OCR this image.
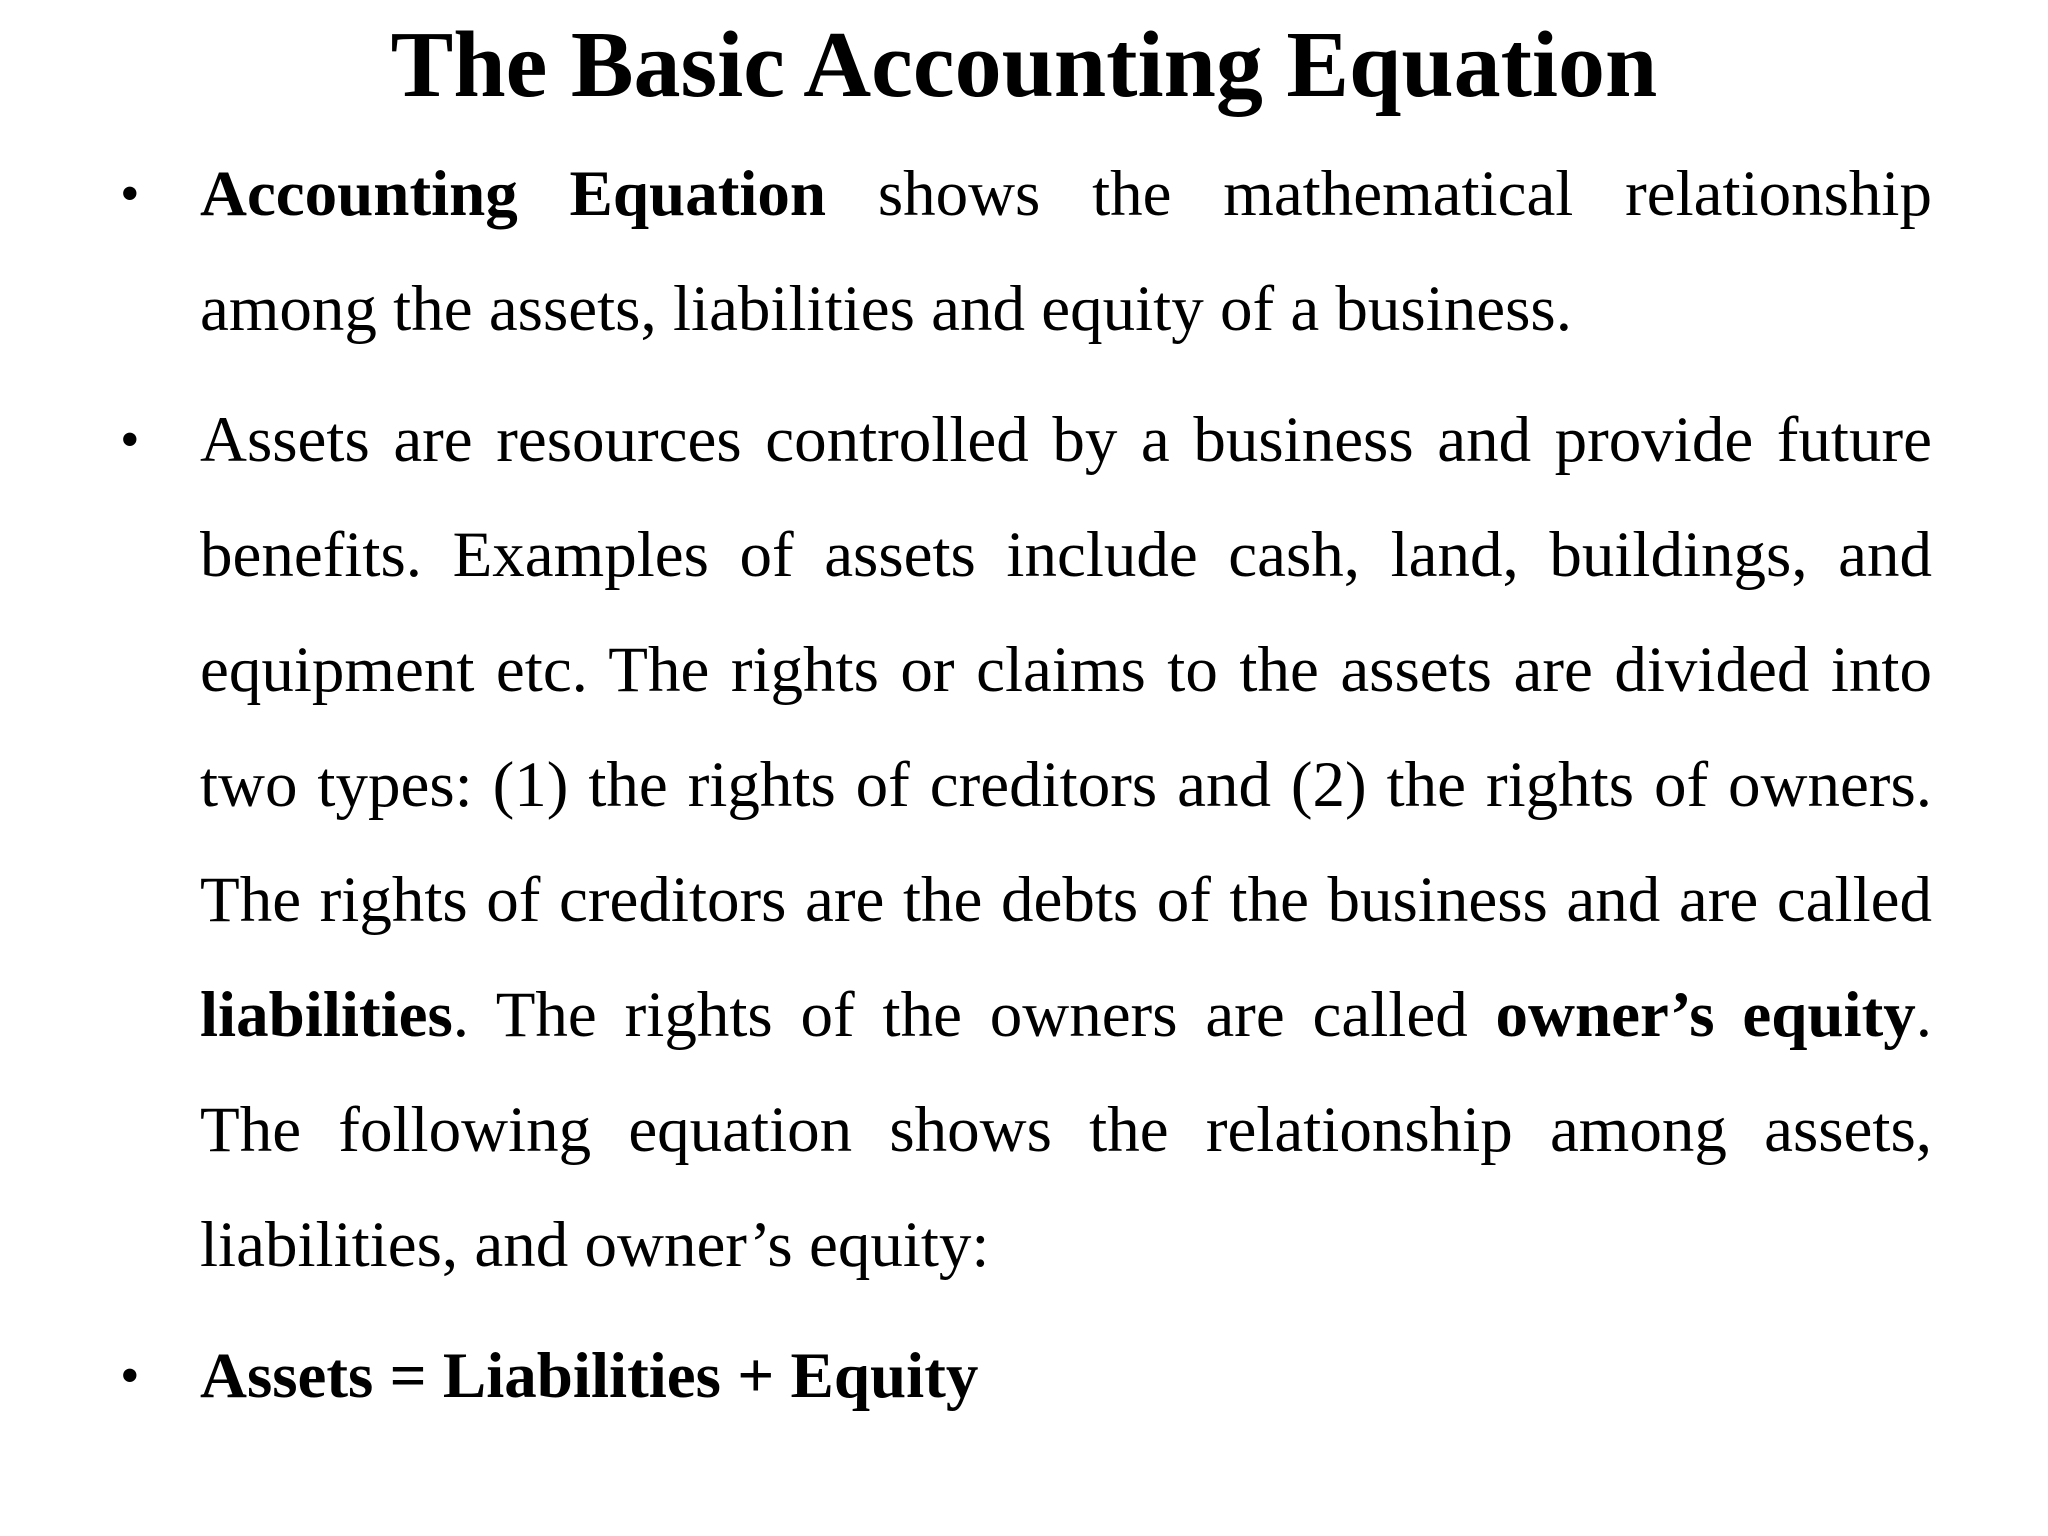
The Basic Accounting Equation
• Accounting Equation shows the mathematical relationship among the assets, liabilities and equity of a business.
• Assets are resources controlled by a business and provide future benefits. Examples of assets include cash, land, buildings, and equipment etc. The rights or claims to the assets are divided into two types: (1) the rights of creditors and (2) the rights of owners. The rights of creditors are the debts of the business and are called liabilities. The rights of the owners are called owner’s equity. The following equation shows the relationship among assets, liabilities, and owner’s equity:
• Assets = Liabilities + Equity
